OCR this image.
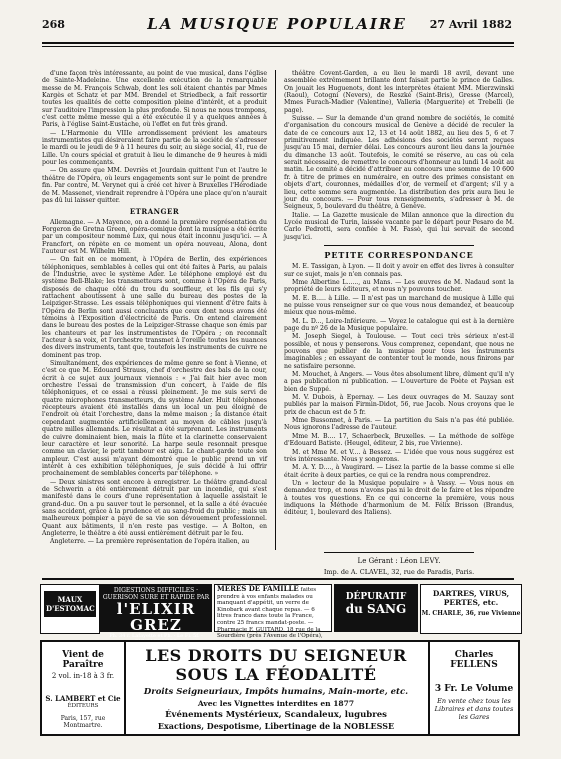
268	LA MUSIQUE POPULAIRE	27 Avril 1882

d'une façon très intéressante, au point de vue musical, dans l'église de Sainte-Madeleine. Une excellente exécution de la remarquable messe de M. François Schwab, dont les soli étaient chantés par Mmes Kargès et Schatz et par MM. Brendel et Striedbeck, a fait ressortir toutes les qualités de cette composition pleine d'intérêt, et a produit sur l'auditoire l'impression la plus profonde. Si nous ne nous trompons, c'est cette même messe qui a été exécutée il y a quelques années à Paris, à l'église Saint-Eustache, où l'effet en fut très grand.

— L'Harmonie du VIIIe arrondissement prévient les amateurs instrumentistes qui désireraient faire partie de la société de s'adresser le mardi ou le jeudi de 9 à 11 heures du soir, au siège social, 41, rue de Lille. Un cours spécial et gratuit à lieu le dimanche de 9 heures à midi pour les commençants.

— On assure que MM. Devriès et Jourdain quittent l'un et l'autre le théâtre de l'Opéra, où leurs engagements sont sur le point de prendre fin. Par contre, M. Verynet qui a créé cet hiver à Bruxelles l'Hérodiade de M. Massenet, viendrait reprendre à l'Opéra une place qu'on n'aurait pas dû lui laisser quitter.

ETRANGER

Allemagne. — A Mayence, on a donné la première représentation du Forgeron de Gretna Green, opéra-comique dont la musique a été écrite par un compositeur nommé Lux, qui nous était inconnu jusqu'ici. — A Francfort, on répète en ce moment un opéra nouveau, Alona, dont l'auteur est M. Wilhelm Hill.

— On fait en ce moment, à l'Opéra de Berlin, des expériences téléphoniques, semblables à celles qui ont été faites à Paris, au palais de l'Industrie, avec le système Ader. Le téléphone employé est du système Bell-Blake; les transmetteurs sont, comme à l'Opéra de Paris, disposés de chaque côté du trou du souffleur, et les fils qui s'y rattachent aboutissent à une salle du bureau des postes de la Leipziger-Strasse. Les essais téléphoniques qui viennent d'être faits à l'Opéra de Berlin sont aussi concluants que ceux dont nous avons été témoins à l'Exposition d'électricité de Paris. On entend clairement dans le bureau des postes de la Leipziger-Strasse chaque son émis par les chanteurs et par les instrumentistes de l'Opéra ; on reconnaît l'acteur à sa voix, et l'orchestre transmet à l'oreille toutes les nuances des divers instruments, tant que, toutefois les instruments de cuivre ne dominent pas trop.

Simultanément, des expériences de même genre se font à Vienne, et c'est ce que M. Edouard Strauss, chef d'orchestre des bals de la cour, écrit à ce sujet aux journaux viennois : « J'ai fait hier avec mon orchestre l'essai de transmission d'un concert, à l'aide de fils téléphoniques, et ce essai a réussi pleinement. Je me suis servi de quatre microphones transmetteurs, du système Ader. Huit téléphones récepteurs avaient été installés dans un local un peu éloigné de l'endroit où était l'orchestre, dans la même maison ; la distance était cependant augmentée artificiellement au moyen de câbles jusqu'à quatre milles allemands. Le résultat a été surprenant. Les instruments de cuivre dominaient bien, mais la flûte et la clarinette conservaient leur caractère et leur sonorité. La harpe seule resonnait presque comme un clavier, le petit tambour est aigu. Le chant-garde toute son ampleur. C'est aussi m'ayant démontré que le public prend un vif intérêt à ces exhibition téléphoniques, je suis décidé à lui offrir prochainement de semblables concerts par téléphone. »

— Deux sinistres sont encore à enregistrer. Le théâtre grand-ducal de Schwerin a été entièrement détruit par un incendie, qui s'est manifesté dans le cours d'une représentation à laquelle assistait le grand-duc. On a pu sauver tout le personnel, et la salle a été évacuée sans accident, grâce à la prudence et au sang-froid du public ; mais un malheureux pompier a payé de sa vie son dévouement professionnel. Quant aux bâtiments, il n'en reste pas vestige. — A Bolton, en Angleterre, le théâtre a été aussi entièrement détruit par le feu.

Angleterre. — La première représentation de l'opéra italien, au

théâtre Covent-Garden, a eu lieu le mardi 18 avril, devant une assemblée extrêmement brillante dont faisait partie le prince de Galles. On jouait les Huguenots, dont les interprètes étaient MM. Mierzwinski (Raoul), Cotogni (Nevers), de Reszké (Saint-Bris), Gresse (Marcel), Mmes Furach-Madier (Valentine), Valleria (Marguerite) et Trebelli (le page).

Suisse. — Sur la demande d'un grand nombre de sociétés, le comité d'organisation du concours musical de Genève a décidé de reculer la date de ce concours aux 12, 13 et 14 août 1882, au lieu des 5, 6 et 7 primitivement indiquée. Les adhésions des sociétés seront reçues jusqu'au 15 mai, dernier délai. Les concours auront lieu dans la journée du dimanche 13 août. Toutefois, le comité se réserve, au cas où cela serait nécessaire, de remettre le concours d'honneur au lundi 14 août au matin. Le comité a décidé d'attribuer au concours une somme de 10 600 fr. à titre de primes en numéraire, en outre des primes consistant en objets d'art, couronnes, médailles d'or, de vermeil et d'argent; s'il y a lieu, cette somme sera augmentée. La distribution des prix aura lieu le jour du concours. — Pour tous renseignements, s'adresser à M. de Seigneux, 5, boulevard du théâtre, à Genève.

Italie. — La Gazette musicale de Milan annonce que la direction du Lycée musical de Turin, laissée vacante par le départ pour Pesaro de M. Carlo Pedrotti, sera confiée à M. Fassò, qui lui servait de second jusqu'ici.

PETITE CORRESPONDANCE

M. E. Tassigan, à Lyon. — Il doit y avoir en effet des livres à consulter sur ce sujet, mais je n'en connais pas.

Mme Albertine L......, au Mans. — Les œuvres de M. Nadaud sont la propriété de leurs éditeurs, et nous n'y pouvons toucher.

M. E. B..... à Lille. — Il n'est pas un marchand de musique à Lille qui ne puisse vous renseigner sur ce que vous nous demandez, et beaucoup mieux que nous-même.

M. L. D..., Loire-Inférieure. — Voyez le catalogue qui est à la dernière page du nº 26 de la Musique populaire.

M. Joseph Siegel, à Toulouse. — Tout ceci très sérieux n'est-il possible, et nous y penserons. Vous comprenez, cependant, que nous ne pouvons que publier de la musique pour tous les instruments imaginables ; en essayant de contenter tout le monde, nous finirons par ne satisfaire personne.

M. Mouchet, à Angers. — Vous êtes absolument libre, dûment qu'il n'y a pas publication ni publication. — L'ouverture de Poète et Paysan est bien de Suppé.

M. V. Dubois, à Epernay. — Les deux ouvrages de M. Sauzay sont publiés par la maison Firmin-Didot, 56, rue Jacob. Nous croyons que le prix de chacun est de 5 fr.

Mme Bussonnet, à Paris. — La partition du Sais n'a pas été publiée. Nous ignorons l'adresse de l'auteur.

Mme M. B.... 17, Schaerbeck, Bruxelles. — La méthode de solfège d'Edouard Batiste. (Heugel, éditeur, 2 bis, rue Vivienne).

M. et Mme M. et V.... à Bessez. — L'idée que vous nous suggérez est très intéressante. Nous y songerons.

M. A. Y. D...., à Vaugirard. — Lisez la partie de la basse comme si elle était écrite à deux parties, ce qui ce la rendra nous comprendrez.

Un « lecteur de la Musique populaire » à Vassy. — Vous nous en demandez trop, et nous n'avons pas ni le droit de le faire et les répondre à toutes vos questions. En ce qui concerne la première, vous nous indiquons la Méthode d'harmonium de M. Félix Brisson (Brandus, éditeur, 1, boulevard des Italiens).

Le Gérant : Léon LEVY.
Imp. de A. CLAVEL, 32, rue de Paradis, Paris.
MAUX D'ESTOMAC
DIGESTIONS DIFFICILES · GUERISON SURE ET RAPIDE PAR
l'ELIXIR GREZ
Ph. 34 r. Lafayette et Ph. · Le Fl. 5f. ·
MÈRES DE FAMILLE faites prendre à vos enfants malades ou manquant d'appétit, un verre de Kinobark avant chaque repas. — 6 litres franco dans toute la France, contre 25 francs mandat-poste. — Pharmacie F. GUITARD, 18 rue de la Sourdière (près l'Avenue de l'Opéra),
DÉPURATIF
du SANG
DARTRES, VIRUS, PERTES, etc.
M. CHARLE, 36, rue Vivienne
Vient de Paraître
2 vol. in-18 à 3 fr.
S. LAMBERT et Cie
ÉDITEURS
Paris, 157, rue Montmartre.
LES DROITS DU SEIGNEUR SOUS LA FÉODALITÉ
Droits Seigneuriaux, Impôts humains, Main-morte, etc.
Avec les Vignettes interdites en 1877
Événements Mystérieux, Scandaleux, lugubres
Exactions, Despotisme, Libertinage de la NOBLESSE
Charles FELLENS
3 Fr. Le Volume
En vente chez tous les Libraires et dans toutes les Gares
